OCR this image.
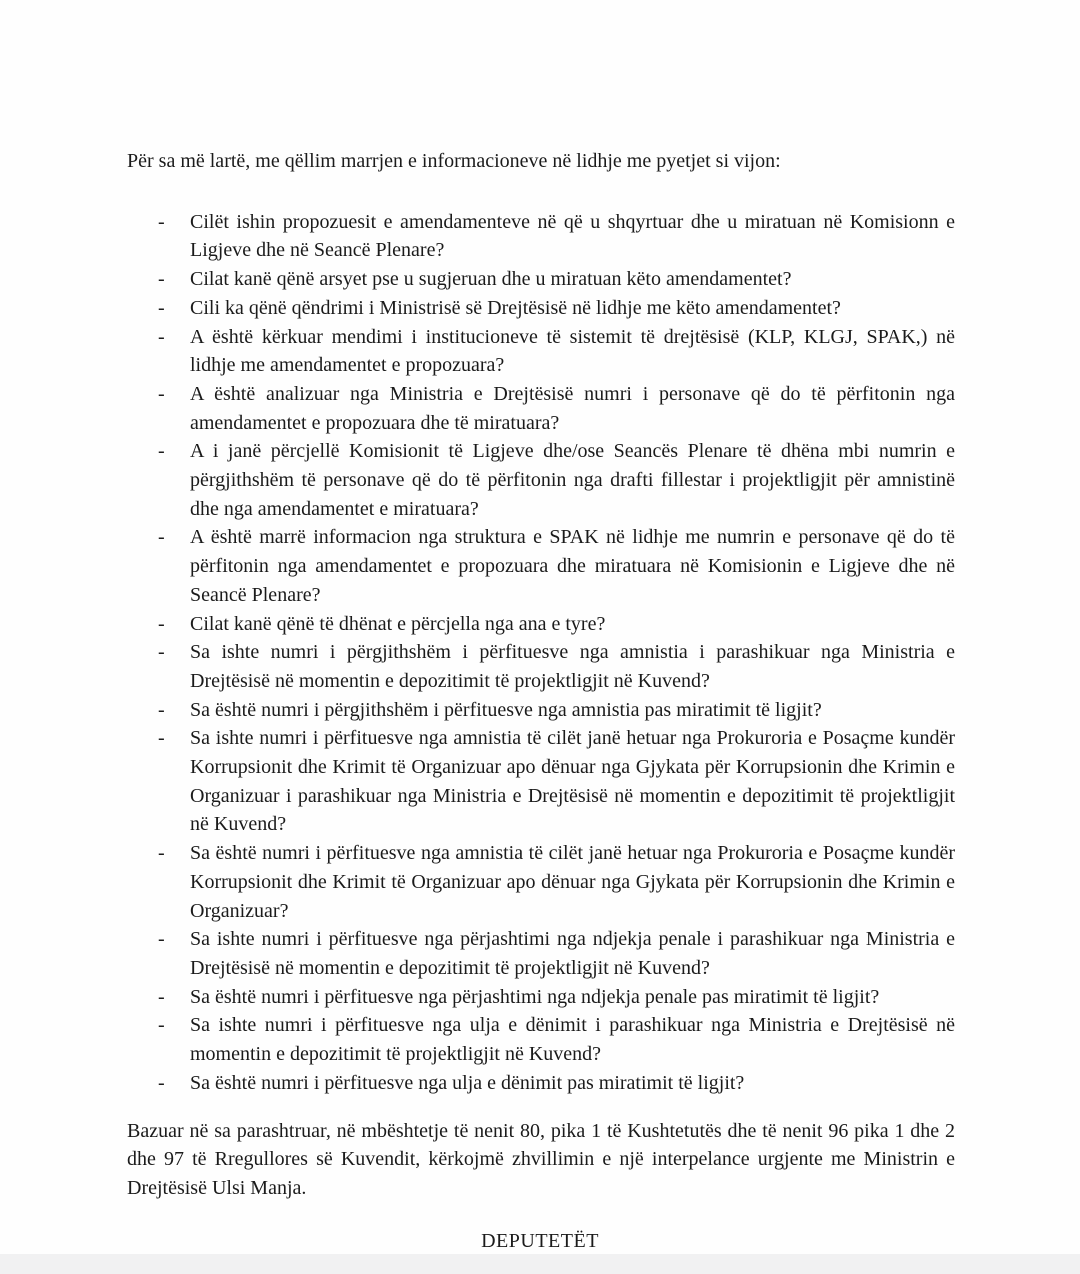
Për sa më lartë, me qëllim marrjen e informacioneve në lidhje me pyetjet si vijon:

-	Cilët ishin propozuesit e amendamenteve në që u shqyrtuar dhe u miratuan në Komisionn e Ligjeve dhe në Seancë Plenare?
-	Cilat kanë qënë arsyet pse u sugjeruan dhe u miratuan këto amendamentet?
-	Cili ka qënë qëndrimi i Ministrisë së Drejtësisë në lidhje me këto amendamentet?
-	A është kërkuar mendimi i institucioneve të sistemit të drejtësisë (KLP, KLGJ, SPAK,) në lidhje me amendamentet e propozuara?
-	A është analizuar nga Ministria e Drejtësisë numri i personave që do të përfitonin nga amendamentet e propozuara dhe të miratuara?
-	A i janë përcjellë Komisionit të Ligjeve dhe/ose Seancës Plenare të dhëna mbi numrin e përgjithshëm të personave që do të përfitonin nga drafti fillestar i projektligjit për amnistinë dhe nga amendamentet e miratuara?
-	A është marrë informacion nga struktura e SPAK në lidhje me numrin e personave që do të përfitonin nga amendamentet e propozuara dhe miratuara në Komisionin e Ligjeve dhe në Seancë Plenare?
-	Cilat kanë qënë të dhënat e përcjella nga ana e tyre?
-	Sa ishte numri i përgjithshëm i përfituesve nga amnistia i parashikuar nga Ministria e Drejtësisë në momentin e depozitimit të projektligjit në Kuvend?
-	Sa është numri i përgjithshëm i përfituesve nga amnistia pas miratimit të ligjit?
-	Sa ishte numri i përfituesve nga amnistia të cilët janë hetuar nga Prokuroria e Posaçme kundër Korrupsionit dhe Krimit të Organizuar apo dënuar nga Gjykata për Korrupsionin dhe Krimin e Organizuar i parashikuar nga Ministria e Drejtësisë në momentin e depozitimit të projektligjit në Kuvend?
-	Sa është numri i përfituesve nga amnistia të cilët janë hetuar nga Prokuroria e Posaçme kundër Korrupsionit dhe Krimit të Organizuar apo dënuar nga Gjykata për Korrupsionin dhe Krimin e Organizuar?
-	Sa ishte numri i përfituesve nga përjashtimi nga ndjekja penale i parashikuar nga Ministria e Drejtësisë në momentin e depozitimit të projektligjit në Kuvend?
-	Sa është numri i përfituesve nga përjashtimi nga ndjekja penale pas miratimit të ligjit?
-	Sa ishte numri i përfituesve nga ulja e dënimit i parashikuar nga Ministria e Drejtësisë në momentin e depozitimit të projektligjit në Kuvend?
-	Sa është numri i përfituesve nga ulja e dënimit pas miratimit të ligjit?

Bazuar në sa parashtruar, në mbështetje të nenit 80, pika 1 të Kushtetutës dhe të nenit 96 pika 1 dhe 2 dhe 97 të Rregullores së Kuvendit, kërkojmë zhvillimin e një interpelance urgjente me Ministrin e Drejtësisë Ulsi Manja.

DEPUTETËT
